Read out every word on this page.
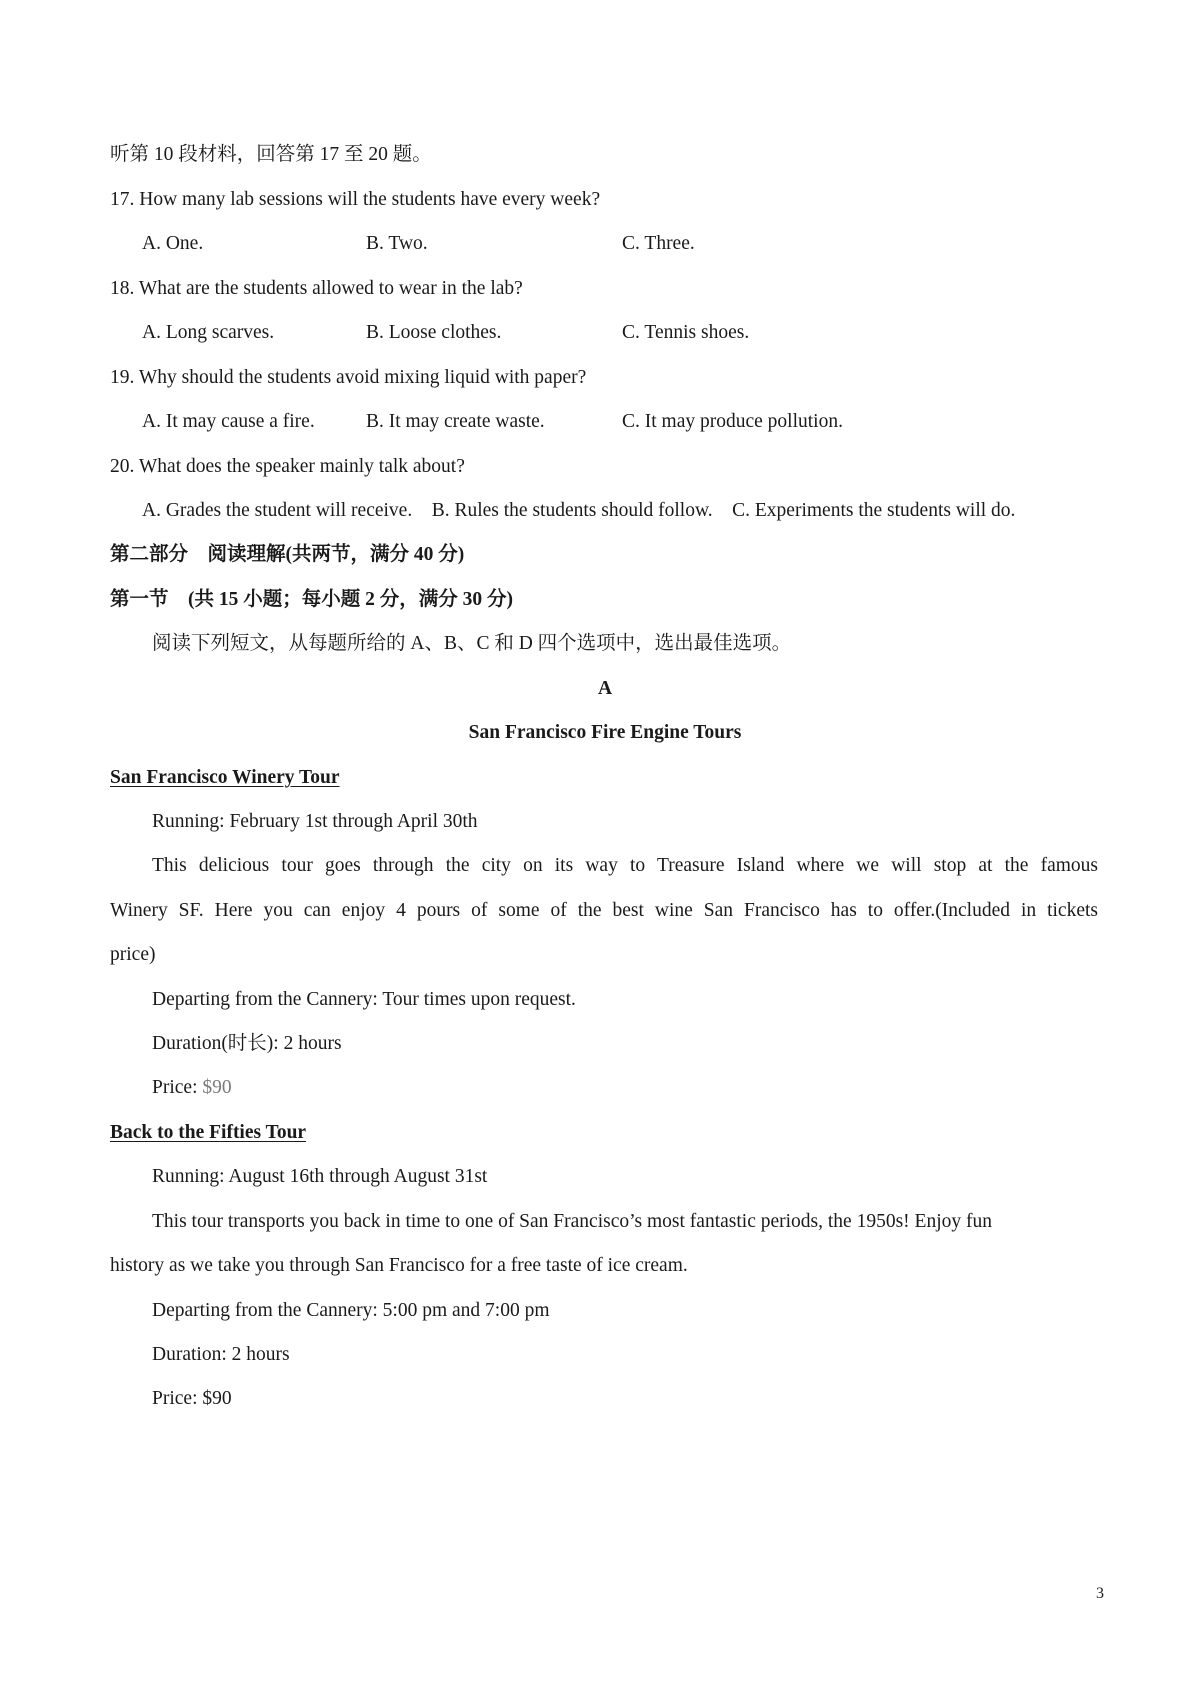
听第 10 段材料，回答第 17 至 20 题。
17. How many lab sessions will the students have every week?
A. One.	B. Two.	C. Three.
18. What are the students allowed to wear in the lab?
A. Long scarves.	B. Loose clothes.	C. Tennis shoes.
19. Why should the students avoid mixing liquid with paper?
A. It may cause a fire.	B. It may create waste.	C. It may produce pollution.
20. What does the speaker mainly talk about?
A. Grades the student will receive.    B. Rules the students should follow.    C. Experiments the students will do.
第二部分　阅读理解(共两节，满分 40 分)
第一节　(共 15 小题；每小题 2 分，满分 30 分)
阅读下列短文，从每题所给的 A、B、C 和 D 四个选项中，选出最佳选项。
A
San Francisco Fire Engine Tours
San Francisco Winery Tour
Running: February 1st through April 30th
This delicious tour goes through the city on its way to Treasure Island where we will stop at the famous
Winery SF. Here you can enjoy 4 pours of some of the best wine San Francisco has to offer.(Included in tickets
price)
Departing from the Cannery: Tour times upon request.
Duration(时长): 2 hours
Price: $90
Back to the Fifties Tour
Running: August 16th through August 31st
This tour transports you back in time to one of San Francisco’s most fantastic periods, the 1950s! Enjoy fun
history as we take you through San Francisco for a free taste of ice cream.
Departing from the Cannery: 5:00 pm and 7:00 pm
Duration: 2 hours
Price: $90
3
